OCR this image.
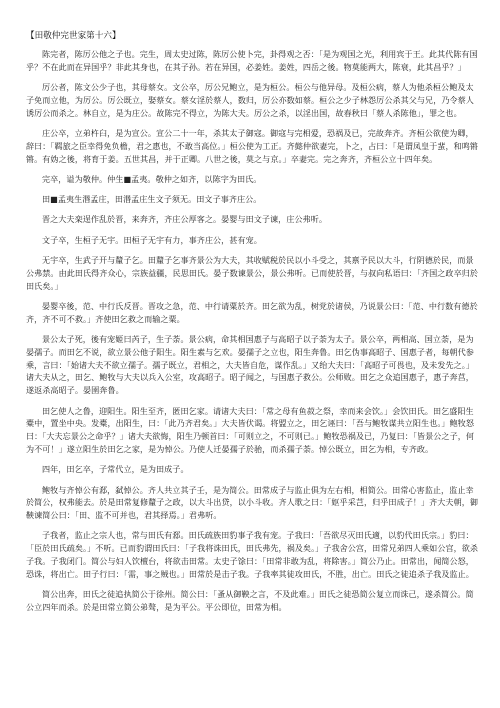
【田敬仲完世家第十六】

陈完者，陈厉公他之子也。完生，周太史过陈，陈厉公使卜完，卦得观之否：「是为观国之光，利用宾于王。此其代陈有国乎？不在此而在异国乎？非此其身也，在其子孙。若在异国，必姜姓。姜姓，四岳之後。物莫能两大，陈衰，此其昌乎？」

厉公者，陈文公少子也，其母蔡女。文公卒，厉公兄鲍立，是为桓公。桓公与他异母。及桓公病，蔡人为他杀桓公鲍及太子免而立他，为厉公。厉公既立，娶蔡女。蔡女淫於蔡人，数归，厉公亦数如蔡。桓公之少子林怨厉公杀其父与兄，乃令蔡人诱厉公而杀之。林自立，是为庄公。故陈完不得立，为陈大夫。厉公之杀，以淫出国，故春秋曰「蔡人杀陈他」，罪之也。

庄公卒，立弟杵臼，是为宣公。宣公二十一年，杀其太子御寇。御寇与完相爱，恐祸及已，完故奔齐。齐桓公欲使为卿，辞曰：「羁旅之臣幸得免负檐，君之惠也，不敢当高位。」桓公使为工正。齐懿仲欲妻完，卜之，占曰：「是谓凤皇于蜚，和鸣锵锵。有妫之後，将育于姜。五世其昌，并于正卿。八世之後，莫之与京。」卒妻完。完之奔齐，齐桓公立十四年矣。

完卒，谥为敬仲。仲生■孟夷。敬仲之如齐，以陈字为田氏。

田■孟夷生湣孟庄，田湣孟庄生文子须无。田文子事齐庄公。

晋之大夫栾逞作乱於晋，来奔齐，齐庄公厚客之。晏婴与田文子谏，庄公弗听。

文子卒，生桓子无宇。田桓子无宇有力，事齐庄公，甚有宠。

无宇卒，生武子开与釐子乞。田釐子乞事齐景公为大夫，其收赋税於民以小斗受之，其禀予民以大斗，行阴德於民，而景公弗禁。由此田氏得齐众心，宗族益疆，民思田氏。晏子数谏景公，景公弗听。已而使於晋，与叔向私语曰：「齐国之政卒归於田氏矣。」

晏婴卒後，范、中行氏反晋。晋攻之急，范、中行请粟於齐。田乞欲为乱，树党於诸侯，乃说景公曰：「范、中行数有德於齐，齐不可不救。」齐使田乞救之而输之粟。

景公太子死，後有宠姬曰芮子，生子荼。景公病，命其相国惠子与高昭子以子荼为太子。景公卒，两相高、国立荼，是为晏孺子。而田乞不说，欲立景公他子阳生。阳生素与乞欢。晏孺子之立也，阳生奔鲁。田乞伪事高昭子、国惠子者，每朝代参乘，言曰：「始诸大夫不欲立孺子。孺子既立，君相之，大夫皆自危，谋作乱。」又绐大夫曰：「高昭子可畏也，及未发先之。」诸大夫从之，田乞、鲍牧与大夫以兵入公室，攻高昭子。昭子闻之，与国惠子救公。公师败。田乞之众追国惠子，惠子奔莒，遂返杀高昭子。晏圉奔鲁。

田乞使人之鲁，迎阳生。阳生至齐，匿田乞家。请诸大夫曰：「常之母有鱼菽之祭，幸而来会饮。」会饮田氏。田乞盛阳生橐中，置坐中央。发橐，出阳生，曰：「此乃齐君矣。」大夫皆伏谒。将盟立之，田乞诬曰：「吾与鲍牧谋共立阳生也。」鲍牧怒曰：「大夫忘景公之命乎？」诸大夫欲悔，阳生乃顿首曰：「可则立之，不可则已。」鲍牧恐祸及已，乃复曰：「皆景公之子，何为不可！」遂立阳生於田乞之家，是为悼公。乃使人迁晏孺子於骀，而杀孺子荼。悼公既立，田乞为相，专齐政。

四年，田乞卒，子常代立，是为田成子。

鲍牧与齐悼公有郄，弑悼公。齐人共立其子壬，是为简公。田常成子与监止俱为左右相，相简公。田常心害监止，监止幸於简公，权弗能去。於是田常复修釐子之政，以大斗出贷，以小斗收。齐人歌之曰：「妪乎采芑，归乎田成子！」齐大夫朝，御鞅谏简公曰：「田、监不可并也，君其择焉。」君弗听。

子我者，监止之宗人也，常与田氏有郄。田氏疏族田豹事子我有宠。子我曰：「吾欲尽灭田氏適，以豹代田氏宗。」豹曰：「臣於田氏疏矣。」不听。已而豹谓田氏曰：「子我将诛田氏，田氏弗先，祸及矣。」子我舍公宫，田常兄弟四人乘如公宫，欲杀子我。子我闭门。简公与妇人饮檀台，将欲击田常。太史子馀曰：「田常非敢为乱，将除害。」简公乃止。田常出，闻简公怒，恐诛，将出亡。田子行曰：「需，事之贼也。」田常於是击子我。子我率其徒攻田氏，不胜，出亡。田氏之徒追杀子我及监止。

简公出奔，田氏之徒追执简公于徐州。简公曰：「蚤从御鞅之言，不及此难。」田氏之徒恐简公复立而诛己，遂杀简公。简公立四年而杀。於是田常立简公弟骜，是为平公。平公即位，田常为相。
